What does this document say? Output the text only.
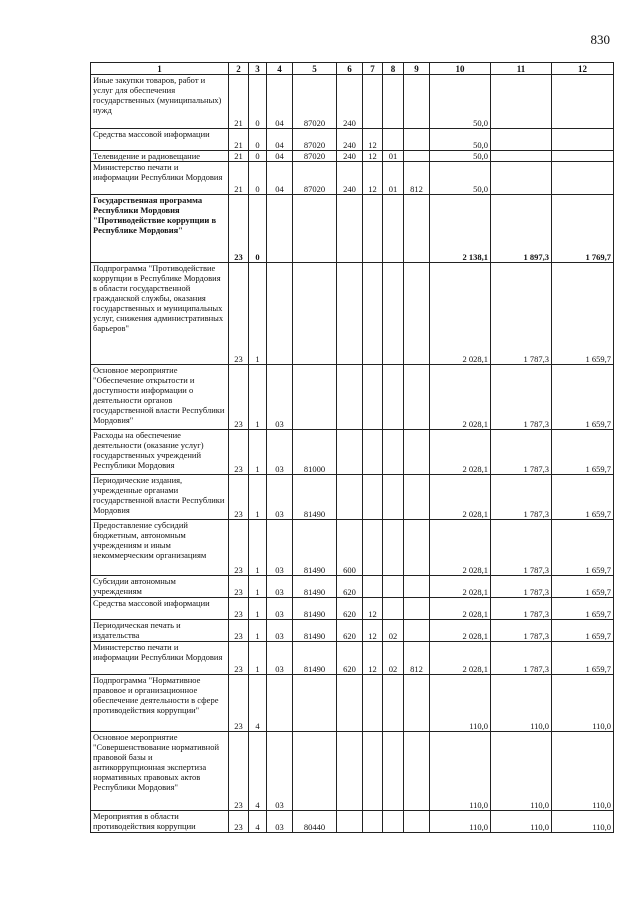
830
1	2	3	4	5	6	7	8	9	10	11	12
Иные закупки товаров, работ и услуг для обеспечения государственных (муниципальных) нужд	21	0	04	87020	240				50,0		
Средства массовой информации	21	0	04	87020	240	12			50,0		
Телевидение и радиовещание	21	0	04	87020	240	12	01		50,0		
Министерство печати и информации Республики Мордовия	21	0	04	87020	240	12	01	812	50,0		
Государственная программа Республики Мордовия "Противодействие коррупции в Республике Мордовия"	23	0							2 138,1	1 897,3	1 769,7
Подпрограмма "Противодействие коррупции в Республике Мордовия в области государственной гражданской службы, оказания государственных и муниципальных услуг, снижения административных барьеров"	23	1							2 028,1	1 787,3	1 659,7
Основное мероприятие "Обеспечение открытости и доступности информации о деятельности органов государственной власти Республики Мордовия"	23	1	03						2 028,1	1 787,3	1 659,7
Расходы на обеспечение деятельности (оказание услуг) государственных учреждений Республики Мордовия	23	1	03	81000					2 028,1	1 787,3	1 659,7
Периодические издания, учрежденные органами государственной власти Республики Мордовия	23	1	03	81490					2 028,1	1 787,3	1 659,7
Предоставление субсидий бюджетным, автономным учреждениям и иным некоммерческим организациям	23	1	03	81490	600				2 028,1	1 787,3	1 659,7
Субсидии автономным учреждениям	23	1	03	81490	620				2 028,1	1 787,3	1 659,7
Средства массовой информации	23	1	03	81490	620	12			2 028,1	1 787,3	1 659,7
Периодическая печать и издательства	23	1	03	81490	620	12	02		2 028,1	1 787,3	1 659,7
Министерство печати и информации Республики Мордовия	23	1	03	81490	620	12	02	812	2 028,1	1 787,3	1 659,7
Подпрограмма "Нормативное правовое и организационное обеспечение деятельности в сфере противодействия коррупции"	23	4							110,0	110,0	110,0
Основное мероприятие "Совершенствование нормативной правовой базы и антикоррупционная экспертиза нормативных правовых актов Республики Мордовия"	23	4	03						110,0	110,0	110,0
Мероприятия в области противодействия коррупции	23	4	03	80440					110,0	110,0	110,0
